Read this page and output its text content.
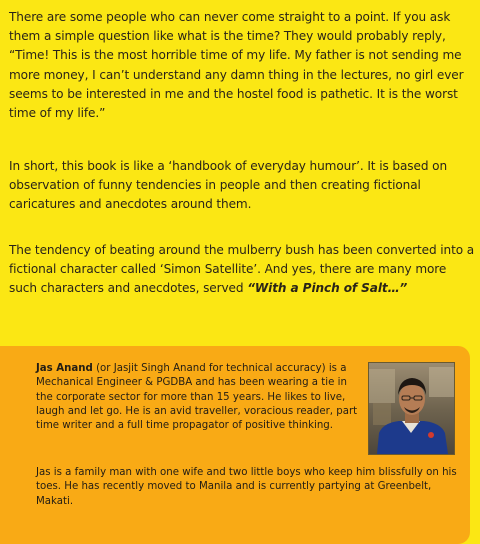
There are some people who can never come straight to a point. If you ask them a simple question like what is the time? They would probably reply, “Time! This is the most horrible time of my life. My father is not sending me more money, I can’t understand any damn thing in the lectures, no girl ever seems to be interested in me and the hostel food is pathetic. It is the worst time of my life.”

In short, this book is like a ‘handbook of everyday humour’. It is based on observation of funny tendencies in people and then creating fictional caricatures and anecdotes around them.

The tendency of beating around the mulberry bush has been converted into a fictional character called ‘Simon Satellite’. And yes, there are many more such characters and anecdotes, served “With a Pinch of Salt…”

Jas Anand (or Jasjit Singh Anand for technical accuracy) is a Mechanical Engineer & PGDBA and has been wearing a tie in the corporate sector for more than 15 years. He likes to live, laugh and let go. He is an avid traveller, voracious reader, part time writer and a full time propagator of positive thinking.

Jas is a family man with one wife and two little boys who keep him blissfully on his toes. He has recently moved to Manila and is currently partying at Greenbelt, Makati.
